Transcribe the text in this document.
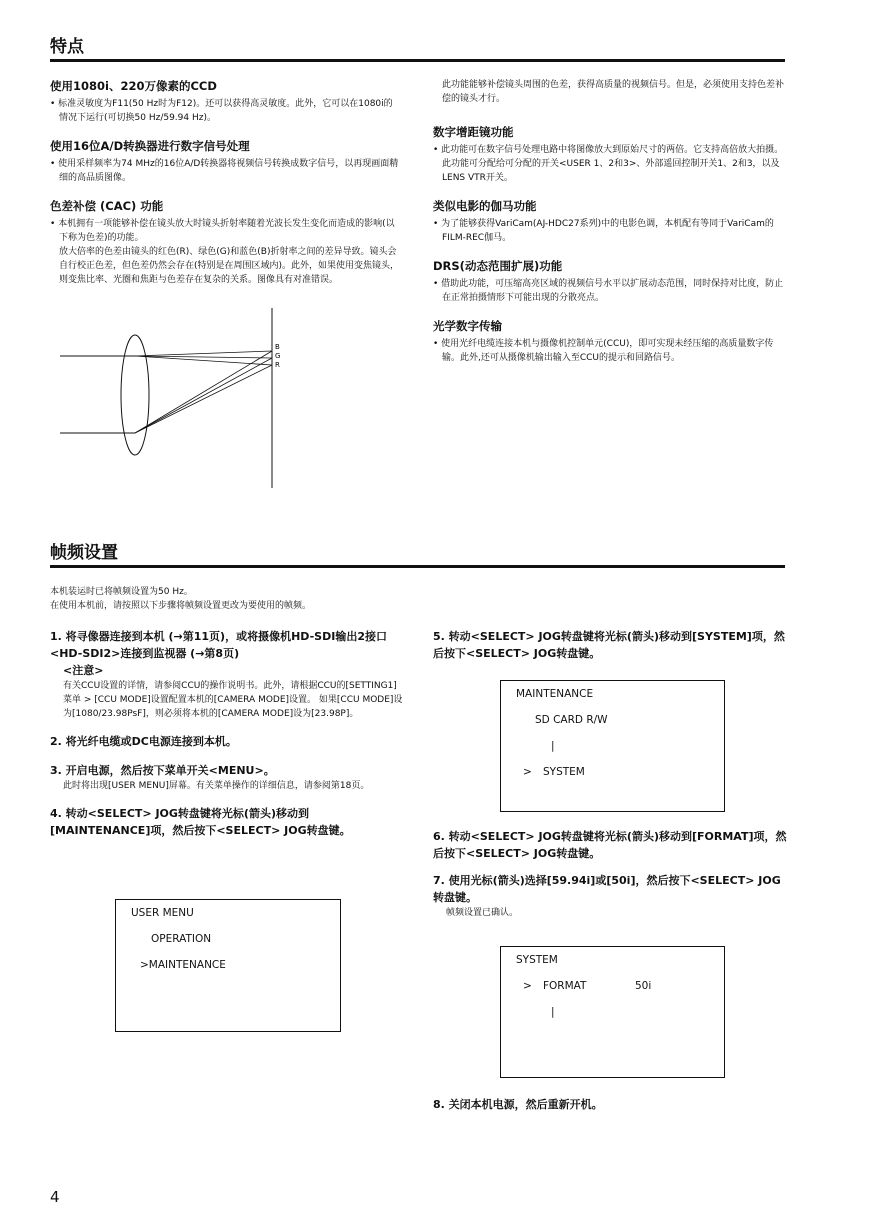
特点
使用1080i、220万像素的CCD
• 标准灵敏度为F11(50 Hz时为F12)。还可以获得高灵敏度。此外，它可以在1080i的情况下运行(可切换50 Hz/59.94 Hz)。
使用16位A/D转换器进行数字信号处理
• 使用采样频率为74 MHz的16位A/D转换器将视频信号转换成数字信号，以再现画面精细的高品质图像。
色差补偿 (CAC) 功能
• 本机拥有一项能够补偿在镜头放大时镜头折射率随着光波长发生变化而造成的影响(以下称为色差)的功能。
放大倍率的色差由镜头的红色(R)、绿色(G)和蓝色(B)折射率之间的差异导致。镜头会自行校正色差，但色差仍然会存在(特别是在周围区域内)。此外，如果使用变焦镜头，则变焦比率、光圈和焦距与色差存在复杂的关系。图像具有对准错误。
B
G
R
此功能能够补偿镜头周围的色差，获得高质量的视频信号。但是，必须使用支持色差补偿的镜头才行。
数字增距镜功能
• 此功能可在数字信号处理电路中将图像放大到原始尺寸的两倍。它支持高倍放大拍摄。此功能可分配给可分配的开关<USER 1、2和3>、外部遥回控制开关1、2和3，以及LENS VTR开关。
类似电影的伽马功能
• 为了能够获得VariCam(AJ-HDC27系列)中的电影色调，本机配有等同于VariCam的FILM-REC伽马。
DRS(动态范围扩展)功能
• 借助此功能，可压缩高亮区域的视频信号水平以扩展动态范围，同时保持对比度，防止在正常拍摄情形下可能出现的分散亮点。
光学数字传输
• 使用光纤电缆连接本机与摄像机控制单元(CCU)，即可实现未经压缩的高质量数字传输。此外,还可从摄像机输出输入至CCU的提示和回路信号。
帧频设置
本机装运时已将帧频设置为50 Hz。
在使用本机前，请按照以下步骤将帧频设置更改为要使用的帧频。
1. 将寻像器连接到本机 (→第11页)，或将摄像机HD-SDI输出2接口<HD-SDI2>连接到监视器 (→第8页)
<注意>
有关CCU设置的详情，请参阅CCU的操作说明书。此外，请根据CCU的[SETTING1]菜单 > [CCU MODE]设置配置本机的[CAMERA MODE]设置。 如果[CCU MODE]设为[1080/23.98PsF]，则必须将本机的[CAMERA MODE]设为[23.98P]。
2. 将光纤电缆或DC电源连接到本机。
3. 开启电源，然后按下菜单开关<MENU>。
此时将出现[USER MENU]屏幕。有关菜单操作的详细信息，请参阅第18页。
4. 转动<SELECT> JOG转盘键将光标(箭头)移动到[MAINTENANCE]项，然后按下<SELECT> JOG转盘键。
USER MENU
OPERATION
>MAINTENANCE
5. 转动<SELECT> JOG转盘键将光标(箭头)移动到[SYSTEM]项，然后按下<SELECT> JOG转盘键。
MAINTENANCE
SD CARD R/W
|
> SYSTEM
6. 转动<SELECT> JOG转盘键将光标(箭头)移动到[FORMAT]项，然后按下<SELECT> JOG转盘键。
7. 使用光标(箭头)选择[59.94i]或[50i]，然后按下<SELECT> JOG转盘键。
帧频设置已确认。
SYSTEM
> FORMAT	50i
|
8. 关闭本机电源，然后重新开机。
4
